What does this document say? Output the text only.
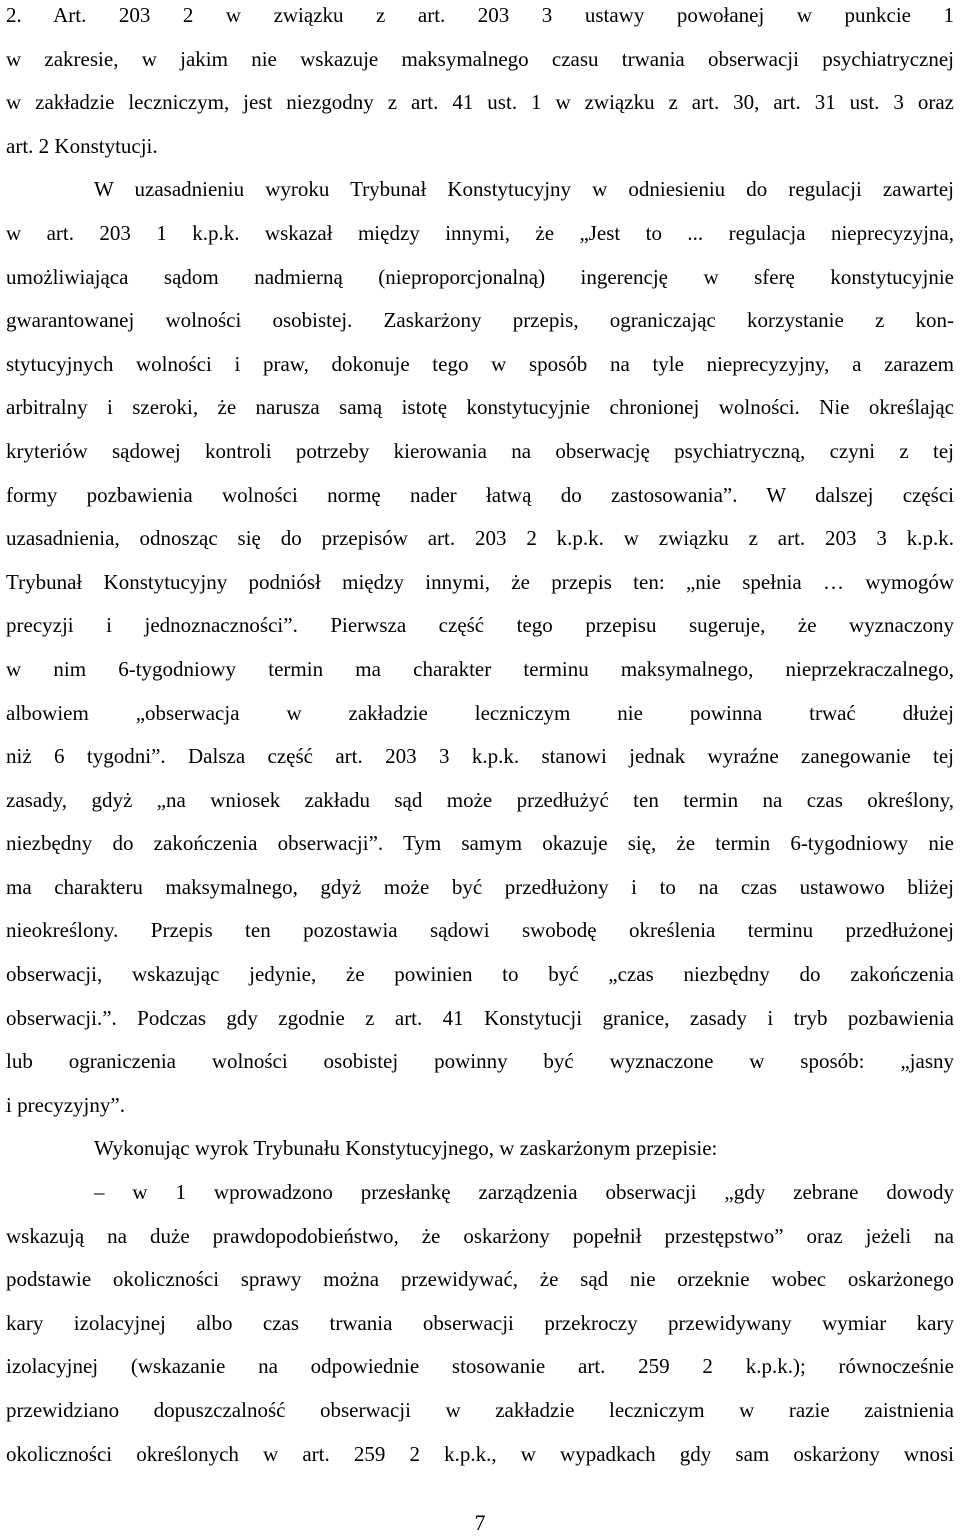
2. Art. 203 2 w związku z art. 203 3 ustawy powołanej w punkcie 1
w zakresie, w jakim nie wskazuje maksymalnego czasu trwania obserwacji psychiatrycznej
w zakładzie leczniczym, jest niezgodny z art. 41 ust. 1 w związku z art. 30, art. 31 ust. 3 oraz
art. 2 Konstytucji.
W uzasadnieniu wyroku Trybunał Konstytucyjny w odniesieniu do regulacji zawartej
w art. 203 1 k.p.k. wskazał między innymi, że „Jest to ... regulacja nieprecyzyjna,
umożliwiająca sądom nadmierną (nieproporcjonalną) ingerencję w sferę konstytucyjnie
gwarantowanej wolności osobistej. Zaskarżony przepis, ograniczając korzystanie z kon-
stytucyjnych wolności i praw, dokonuje tego w sposób na tyle nieprecyzyjny, a zarazem
arbitralny i szeroki, że narusza samą istotę konstytucyjnie chronionej wolności. Nie określając
kryteriów sądowej kontroli potrzeby kierowania na obserwację psychiatryczną, czyni z tej
formy pozbawienia wolności normę nader łatwą do zastosowania”. W dalszej części
uzasadnienia, odnosząc się do przepisów art. 203 2 k.p.k. w związku z art. 203 3 k.p.k.
Trybunał Konstytucyjny podniósł między innymi, że przepis ten: „nie spełnia … wymogów
precyzji i jednoznaczności”. Pierwsza część tego przepisu sugeruje, że wyznaczony
w nim 6-tygodniowy termin ma charakter terminu maksymalnego, nieprzekraczalnego,
albowiem „obserwacja w zakładzie leczniczym nie powinna trwać dłużej
niż 6 tygodni”. Dalsza część art. 203 3 k.p.k. stanowi jednak wyraźne zanegowanie tej
zasady, gdyż „na wniosek zakładu sąd może przedłużyć ten termin na czas określony,
niezbędny do zakończenia obserwacji”. Tym samym okazuje się, że termin 6-tygodniowy nie
ma charakteru maksymalnego, gdyż może być przedłużony i to na czas ustawowo bliżej
nieokreślony. Przepis ten pozostawia sądowi swobodę określenia terminu przedłużonej
obserwacji, wskazując jedynie, że powinien to być „czas niezbędny do zakończenia
obserwacji.”. Podczas gdy zgodnie z art. 41 Konstytucji granice, zasady i tryb pozbawienia
lub ograniczenia wolności osobistej powinny być wyznaczone w sposób: „jasny
i precyzyjny”.
Wykonując wyrok Trybunału Konstytucyjnego, w zaskarżonym przepisie:
– w 1 wprowadzono przesłankę zarządzenia obserwacji „gdy zebrane dowody
wskazują na duże prawdopodobieństwo, że oskarżony popełnił przestępstwo” oraz jeżeli na
podstawie okoliczności sprawy można przewidywać, że sąd nie orzeknie wobec oskarżonego
kary izolacyjnej albo czas trwania obserwacji przekroczy przewidywany wymiar kary
izolacyjnej (wskazanie na odpowiednie stosowanie art. 259 2 k.p.k.); równocześnie
przewidziano dopuszczalność obserwacji w zakładzie leczniczym w razie zaistnienia
okoliczności określonych w art. 259 2 k.p.k., w wypadkach gdy sam oskarżony wnosi
7
